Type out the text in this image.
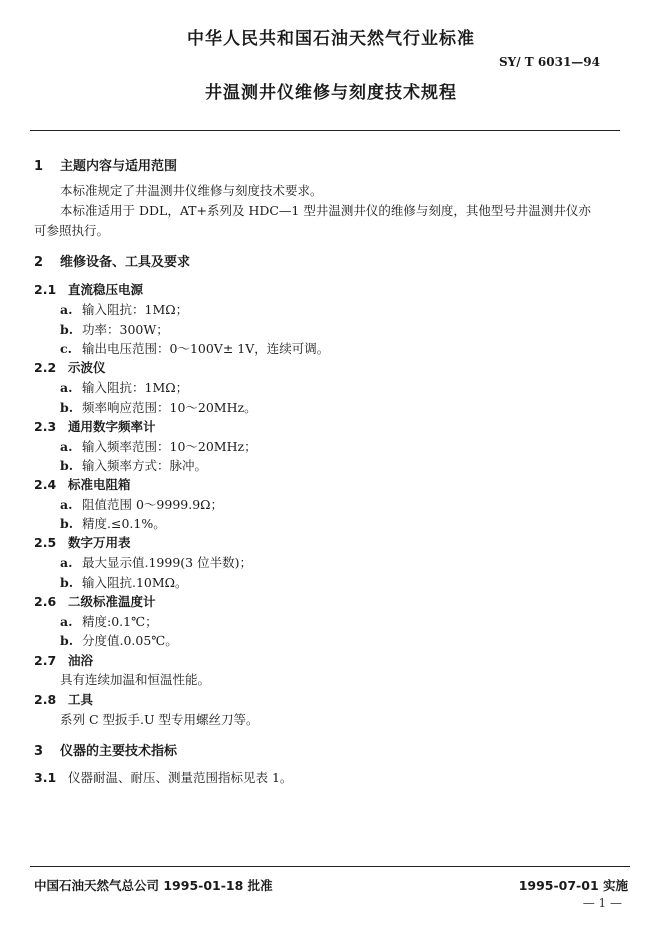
中华人民共和国石油天然气行业标准
SY/ T 6031—94
井温测井仪维修与刻度技术规程
1 主题内容与适用范围
本标准规定了井温测井仪维修与刻度技术要求。
本标准适用于 DDL，AT+系列及 HDC—1 型井温测井仪的维修与刻度，其他型号井温测井仪亦
可参照执行。
2 维修设备、工具及要求
2.1 直流稳压电源
a. 输入阻抗：1MΩ；
b. 功率：300W；
c. 输出电压范围：0～100V± 1V，连续可调。
2.2 示波仪
a. 输入阻抗：1MΩ；
b. 频率响应范围：10～20MHz。
2.3 通用数字频率计
a. 输入频率范围：10～20MHz；
b. 输入频率方式：脉冲。
2.4 标准电阻箱
a. 阻值范围 0～9999.9Ω；
b. 精度.≤0.1%。
2.5 数字万用表
a. 最大显示值.1999(3 位半数)；
b. 输入阻抗.10MΩ。
2.6 二级标准温度计
a. 精度:0.1℃；
b. 分度值.0.05℃。
2.7 油浴
具有连续加温和恒温性能。
2.8 工具
系列 C 型扳手.U 型专用螺丝刀等。
3 仪器的主要技术指标
3.1 仪器耐温、耐压、测量范围指标见表 1。
中国石油天然气总公司 1995-01-18 批准	1995-07-01 实施
— 1 —
